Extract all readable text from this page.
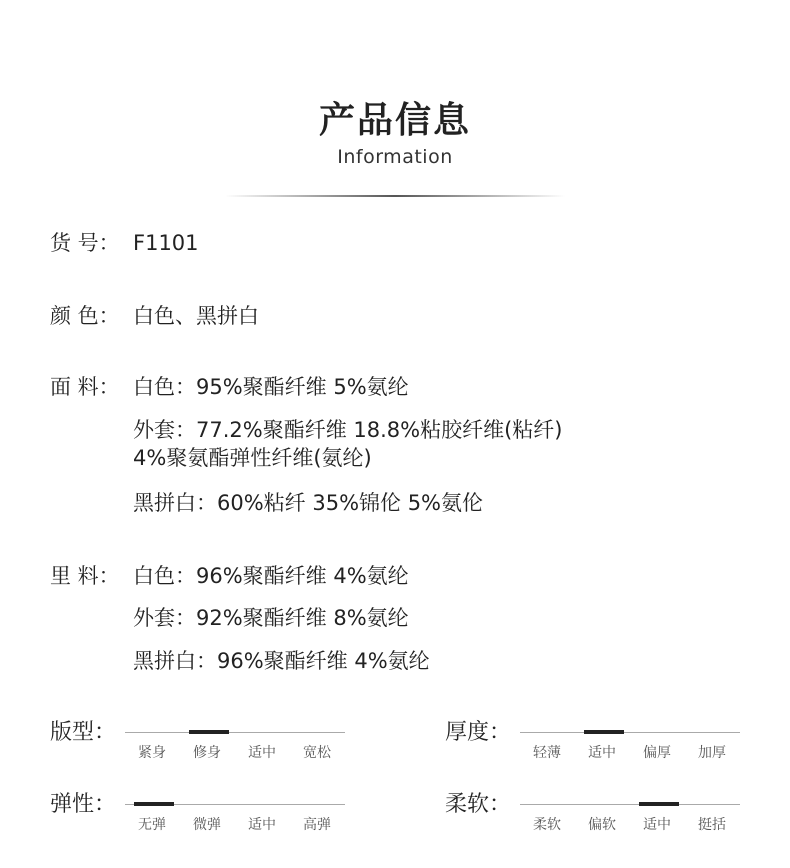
产品信息
Information
货 号： F1101
颜 色： 白色、黑拼白
面 料： 白色：95%聚酯纤维 5%氨纶
外套：77.2%聚酯纤维 18.8%粘胶纤维(粘纤)
4%聚氨酯弹性纤维(氨纶)
黑拼白：60%粘纤 35%锦伦 5%氨伦
里 料： 白色：96%聚酯纤维 4%氨纶
外套：92%聚酯纤维 8%氨纶
黑拼白：96%聚酯纤维 4%氨纶
版型：
紧身	修身	适中	宽松
厚度：
轻薄	适中	偏厚	加厚
弹性：
无弹	微弹	适中	高弹
柔软：
柔软	偏软	适中	挺括
